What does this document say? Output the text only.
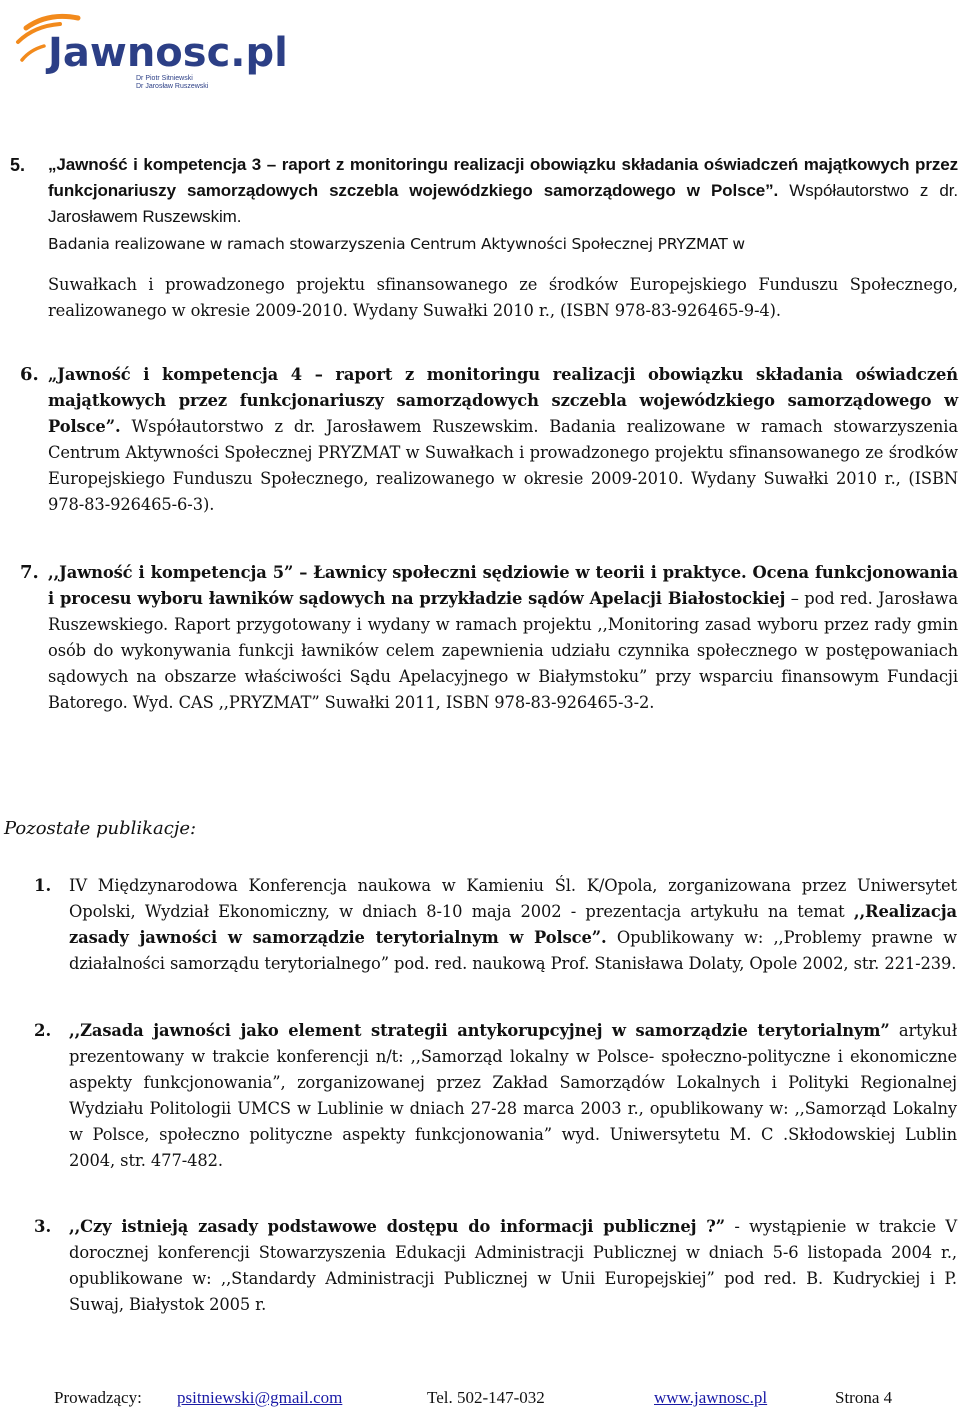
Jawnosc.pl
Dr Piotr Sitniewski
Dr Jarosław Ruszewski
5. „Jawność i kompetencja 3 – raport z monitoringu realizacji obowiązku składania oświadczeń majątkowych przez funkcjonariuszy samorządowych szczebla wojewódzkiego samorządowego w Polsce”. Współautorstwo z dr. Jarosławem Ruszewskim.
Badania realizowane w ramach stowarzyszenia Centrum Aktywności Społecznej PRYZMAT w
Suwałkach i prowadzonego projektu sfinansowanego ze środków Europejskiego Funduszu Społecznego, realizowanego w okresie 2009-2010. Wydany Suwałki 2010 r., (ISBN 978-83-926465-9-4).
6. „Jawność i kompetencja 4 – raport z monitoringu realizacji obowiązku składania oświadczeń majątkowych przez funkcjonariuszy samorządowych szczebla wojewódzkiego samorządowego w Polsce”. Współautorstwo z dr. Jarosławem Ruszewskim. Badania realizowane w ramach stowarzyszenia Centrum Aktywności Społecznej PRYZMAT w Suwałkach i prowadzonego projektu sfinansowanego ze środków Europejskiego Funduszu Społecznego, realizowanego w okresie 2009-2010. Wydany Suwałki 2010 r., (ISBN 978-83-926465-6-3).
7. ,,Jawność i kompetencja 5” – Ławnicy społeczni sędziowie w teorii i praktyce. Ocena funkcjonowania i procesu wyboru ławników sądowych na przykładzie sądów Apelacji Białostockiej – pod red. Jarosława Ruszewskiego. Raport przygotowany i wydany w ramach projektu ,,Monitoring zasad wyboru przez rady gmin osób do wykonywania funkcji ławników celem zapewnienia udziału czynnika społecznego w postępowaniach sądowych na obszarze właściwości Sądu Apelacyjnego w Białymstoku” przy wsparciu finansowym Fundacji Batorego. Wyd. CAS ,,PRYZMAT” Suwałki 2011, ISBN 978-83-926465-3-2.
Pozostałe publikacje:
1. IV Międzynarodowa Konferencja naukowa w Kamieniu Śl. K/Opola, zorganizowana przez Uniwersytet Opolski, Wydział Ekonomiczny, w dniach 8-10 maja 2002 - prezentacja artykułu na temat ,,Realizacja zasady jawności w samorządzie terytorialnym w Polsce”. Opublikowany w: ,,Problemy prawne w działalności samorządu terytorialnego” pod. red. naukową Prof. Stanisława Dolaty, Opole 2002, str. 221-239.
2. ,,Zasada jawności jako element strategii antykorupcyjnej w samorządzie terytorialnym” artykuł prezentowany w trakcie konferencji n/t: ,,Samorząd lokalny w Polsce- społeczno-polityczne i ekonomiczne aspekty funkcjonowania”, zorganizowanej przez Zakład Samorządów Lokalnych i Polityki Regionalnej Wydziału Politologii UMCS w Lublinie w dniach 27-28 marca 2003 r., opublikowany w: ,,Samorząd Lokalny w Polsce, społeczno polityczne aspekty funkcjonowania” wyd. Uniwersytetu M. C .Skłodowskiej Lublin 2004, str. 477-482.
3. ,,Czy istnieją zasady podstawowe dostępu do informacji publicznej ?” - wystąpienie w trakcie V dorocznej konferencji Stowarzyszenia Edukacji Administracji Publicznej w dniach 5-6 listopada 2004 r., opublikowane w: ,,Standardy Administracji Publicznej w Unii Europejskiej” pod red. B. Kudryckiej i P. Suwaj, Białystok 2005 r.
Prowadzący: psitniewski@gmail.com	Tel. 502-147-032	www.jawnosc.pl	Strona 4
